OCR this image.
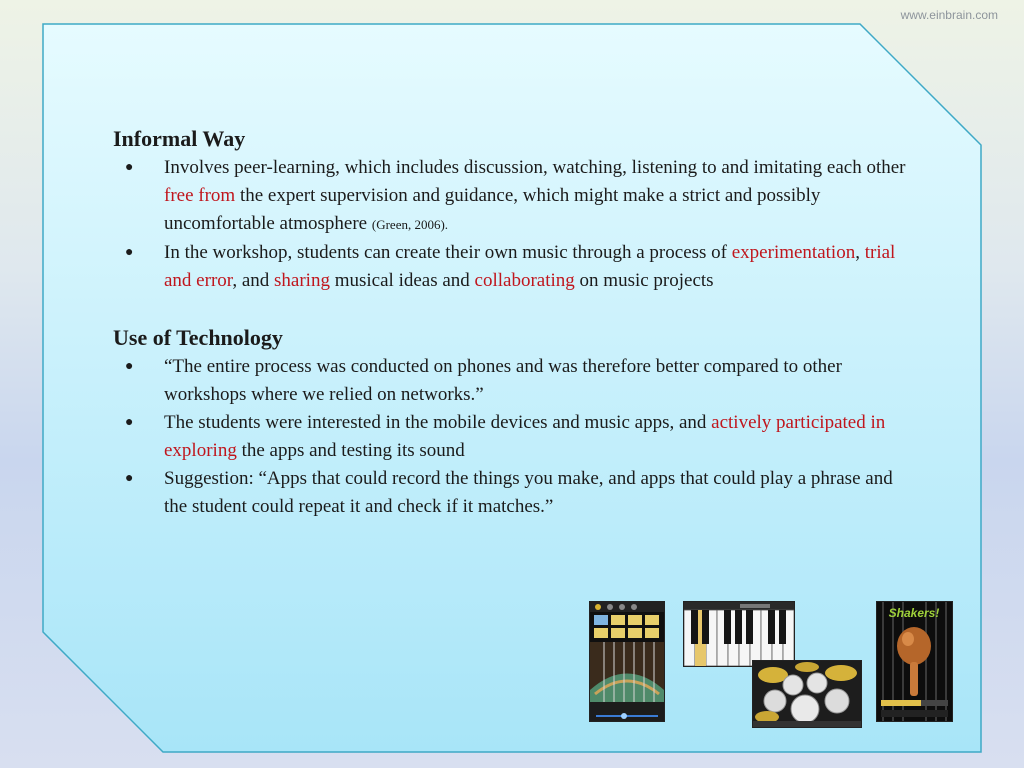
www.einbrain.com
Informal Way
● Involves peer-learning, which includes discussion, watching, listening to and imitating each other free from the expert supervision and guidance, which might make a strict and possibly uncomfortable atmosphere (Green, 2006).
● In the workshop, students can create their own music through a process of experimentation, trial and error, and sharing musical ideas and collaborating on music projects
Use of Technology
● “The entire process was conducted on phones and was therefore better compared to other workshops where we relied on networks.”
● The students were interested in the mobile devices and music apps, and actively participated in exploring the apps and testing its sound
● Suggestion: “Apps that could record the things you make, and apps that could play a phrase and the student could repeat it and check if it matches.”
Shakers!
